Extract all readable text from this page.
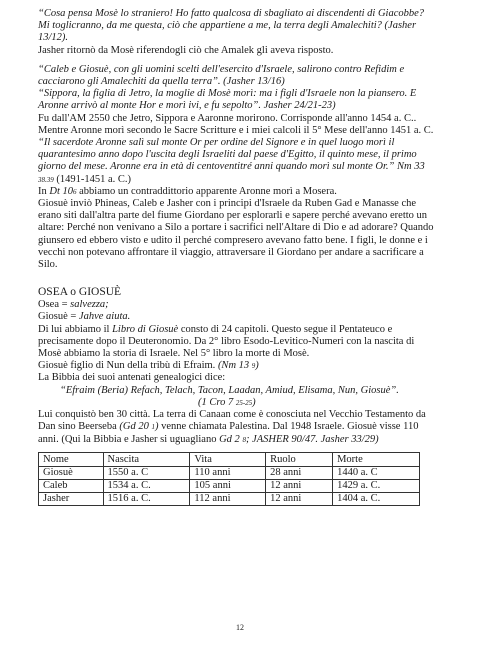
“Cosa pensa Mosè lo straniero! Ho fatto qualcosa di sbagliato ai discendenti di Giacobbe? Mi toglicranno, da me questa, ciò che appartiene a me, la terra degli Amalechiti? (Jasher 13/12).

Jasher ritornò da Mosè riferendogli ciò che Amalek gli aveva risposto.

“Caleb e Giosuè, con gli uomini scelti dell'esercito d'Israele, salirono contro Refidim e cacciarono gli Amalechiti da quella terra”. (Jasher 13/16)

“Sippora, la figlia di Jetro, la moglie di Mosè morì: ma i figli d'Israele non la piansero. E Aronne arrivò al monte Hor e morì ivi, e fu sepolto”. Jasher 24/21-23)

Fu dall'AM 2550 che Jetro, Sippora e Aaronne morirono. Corrisponde all'anno 1454 a. C.. Mentre Aronne morì secondo le Sacre Scritture e i miei calcoli il 5° Mese dell'anno 1451 a. C.

“Il sacerdote Aronne salì sul monte Or per ordine del Signore e in quel luogo morì il quarantesimo anno dopo l'uscita degli Israeliti dal paese d'Egitto, il quinto mese, il primo giorno del mese. Aronne era in età di centoventitré anni quando morì sul monte Or.” Nm 33 38.39 (1491-1451 a. C.)

In Dt 106 abbiamo un contraddittorio apparente Aronne morì a Mosera.

Giosuè inviò Phineas, Caleb e Jasher con i principi d'Israele da Ruben Gad e Manasse che erano siti dall'altra parte del fiume Giordano per esplorarli e sapere perché avevano eretto un altare: Perché non venivano a Silo a portare i sacrifici nell'Altare di Dio e ad adorare? Quando giunsero ed ebbero visto e udito il perché compresero avevano fatto bene. I figli, le donne e i vecchi non potevano affrontare il viaggio, attraversare il Giordano per andare a sacrificare a Silo.

OSEA o GIOSUÈ

Osea = salvezza;

Giosuè = Jahve aiuta.

Di lui abbiamo il Libro di Giosuè consto di 24 capitoli. Questo segue il Pentateuco e precisamente dopo il Deuteronomio. Da 2° libro Esodo-Levitico-Numeri con la nascita di Mosè abbiamo la storia di Israele. Nel 5° libro la morte di Mosè.

Giosuè figlio di Nun della tribù di Efraim. (Nm 13 9)

La Bibbia dei suoi antenati genealogici dice:

“Efraim (Beria) Refach, Telach, Tacon, Laadan, Amiud, Elisama, Nun, Giosuè”.

(1 Cro 7 25-25)

Lui conquistò ben 30 città. La terra di Canaan come è conosciuta nel Vecchio Testamento da Dan sino Beerseba (Gd 20 1) venne chiamata Palestina. Dal 1948 Israele. Giosuè visse 110 anni. (Qui la Bibbia e Jasher si uguagliano Gd 2 8; JASHER 90/47. Jasher 33/29)

Nome	Nascita	Vita	Ruolo	Morte
Giosuè	1550 a. C	110 anni	28 anni	1440 a. C
Caleb	1534 a. C.	105 anni	12 anni	1429 a. C.
Jasher	1516 a. C.	112 anni	12 anni	1404 a. C.
12
